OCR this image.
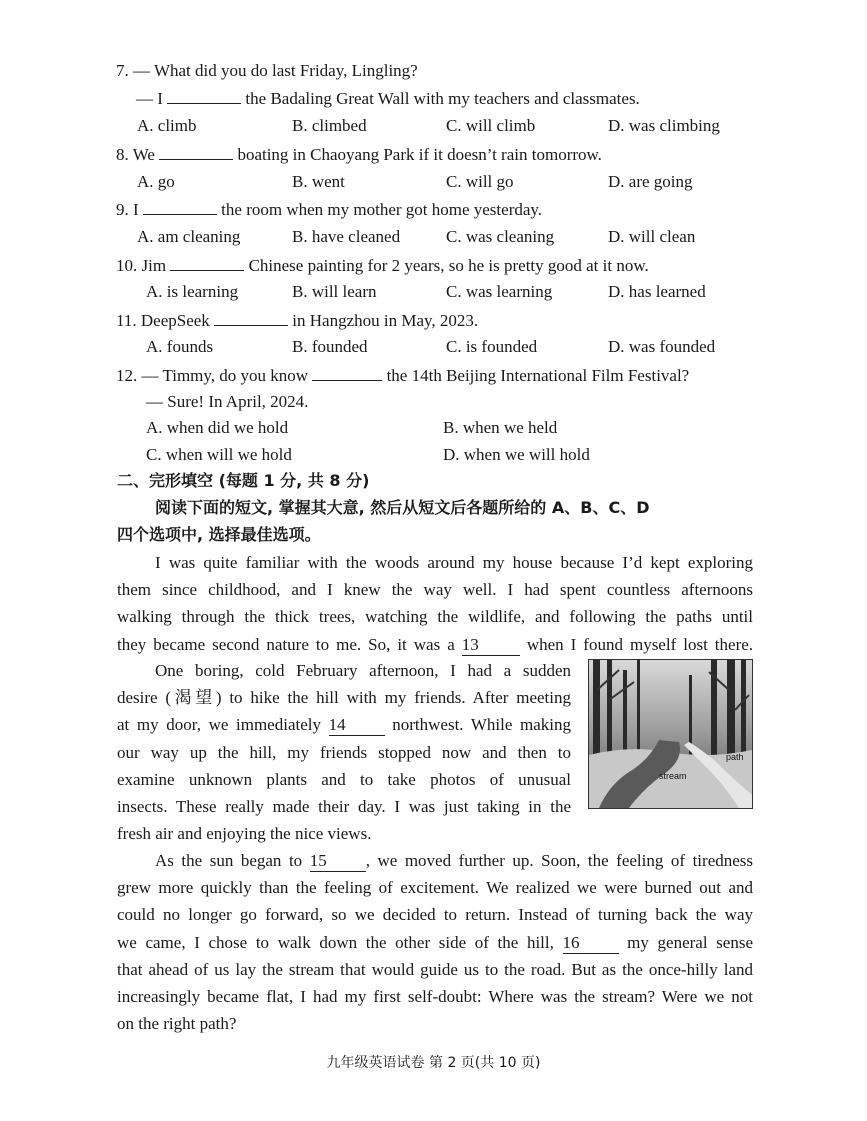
7. — What did you do last Friday, Lingling?
— I	the Badaling Great Wall with my teachers and classmates.
A. climb	B. climbed	C. will climb	D. was climbing
8. We	boating in Chaoyang Park if it doesn’t rain tomorrow.
A. go	B. went	C. will go	D. are going
9. I	the room when my mother got home yesterday.
A. am cleaning	B. have cleaned	C. was cleaning	D. will clean
10. Jim	Chinese painting for 2 years, so he is pretty good at it now.
A. is learning	B. will learn	C. was learning	D. has learned
11. DeepSeek	in Hangzhou in May, 2023.
A. founds	B. founded	C. is founded	D. was founded
12. — Timmy, do you know	the 14th Beijing International Film Festival?
— Sure! In April, 2024.
A. when did we hold	B. when we held
C. when will we hold	D. when we will hold
二、完形填空 (每题 1 分, 共 8 分)
阅读下面的短文, 掌握其大意, 然后从短文后各题所给的 A、B、C、D
四个选项中, 选择最佳选项。
I was quite familiar with the woods around my house because I’d kept exploring
them since childhood, and I knew the way well. I had spent countless afternoons
walking through the thick trees, watching the wildlife, and following the paths until
they became second nature to me. So, it was a 13	when I found myself lost there.
One boring, cold February afternoon, I had a sudden
desire (渴望) to hike the hill with my friends. After meeting
at my door, we immediately 14	northwest. While making
our way up the hill, my friends stopped now and then to
examine unknown plants and to take photos of unusual
insects. These really made their day. I was just taking in the
fresh air and enjoying the nice views.
path
stream
As the sun began to 15 , we moved further up. Soon, the feeling of tiredness
grew more quickly than the feeling of excitement. We realized we were burned out and
could no longer go forward, so we decided to return. Instead of turning back the way
we came, I chose to walk down the other side of the hill, 16	my general sense
that ahead of us lay the stream that would guide us to the road. But as the once-hilly land
increasingly became flat, I had my first self-doubt: Where was the stream? Were we not
on the right path?
九年级英语试卷 第 2 页(共 10 页)
